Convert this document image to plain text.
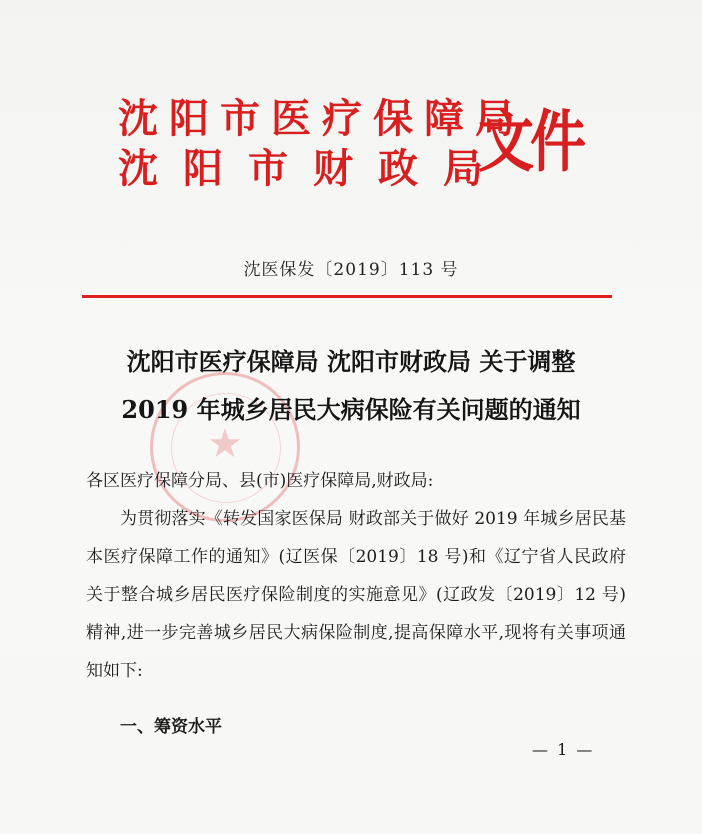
★
沈阳市医疗保障局
沈阳市财政局
文件
沈医保发〔2019〕113 号
沈阳市医疗保障局 沈阳市财政局 关于调整
2019 年城乡居民大病保险有关问题的通知
各区医疗保障分局、县(市)医疗保障局,财政局:

为贯彻落实《转发国家医保局 财政部关于做好 2019 年城乡居民基本医疗保障工作的通知》(辽医保〔2019〕18 号)和《辽宁省人民政府关于整合城乡居民医疗保险制度的实施意见》(辽政发〔2019〕12 号)精神,进一步完善城乡居民大病保险制度,提高保障水平,现将有关事项通知如下:

一、筹资水平
— 1 —
